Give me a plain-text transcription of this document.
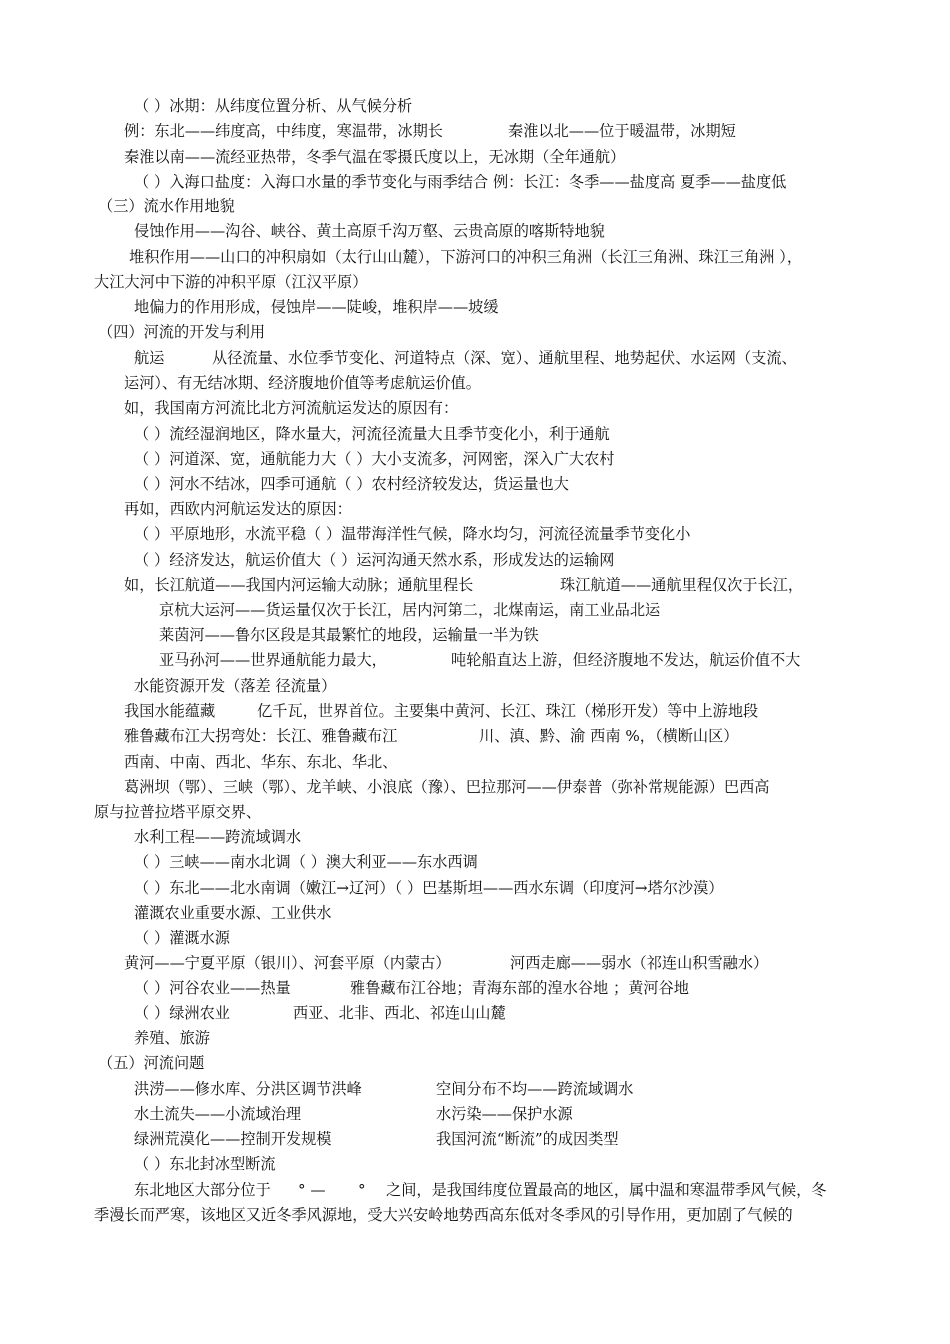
（ ）冰期：从纬度位置分析、从气候分析
例：东北——纬度高，中纬度，寒温带，冰期长	秦淮以北——位于暖温带，冰期短
秦淮以南——流经亚热带，冬季气温在零摄氏度以上，无冰期（全年通航）
（ ）入海口盐度：入海口水量的季节变化与雨季结合 例：长江：冬季——盐度高 夏季——盐度低
（三）流水作用地貌
侵蚀作用——沟谷、峡谷、黄土高原千沟万壑、云贵高原的喀斯特地貌
堆积作用——山口的冲积扇如（太行山山麓），下游河口的冲积三角洲（长江三角洲、珠江三角洲 ），
大江大河中下游的冲积平原（江汉平原）
地偏力的作用形成，侵蚀岸——陡峻，堆积岸——坡缓
（四）河流的开发与利用
航运	从径流量、水位季节变化、河道特点（深、宽）、通航里程、地势起伏、水运网（支流、
运河）、有无结冰期、经济腹地价值等考虑航运价值。
如，我国南方河流比北方河流航运发达的原因有：
（ ）流经湿润地区，降水量大，河流径流量大且季节变化小，利于通航
（ ）河道深、宽，通航能力大（ ）大小支流多，河网密，深入广大农村
（ ）河水不结冰，四季可通航（ ）农村经济较发达，货运量也大
再如，西欧内河航运发达的原因：
（ ）平原地形，水流平稳（ ）温带海洋性气候，降水均匀，河流径流量季节变化小
（ ）经济发达，航运价值大（ ）运河沟通天然水系，形成发达的运输网
如，长江航道——我国内河运输大动脉；通航里程长	珠江航道——通航里程仅次于长江，
京杭大运河——货运量仅次于长江，居内河第二，北煤南运，南工业品北运
莱茵河——鲁尔区段是其最繁忙的地段，运输量一半为铁
亚马孙河——世界通航能力最大，	吨轮船直达上游，但经济腹地不发达，航运价值不大
水能资源开发（落差 径流量）
我国水能蕴藏	亿千瓦，世界首位。主要集中黄河、长江、珠江（梯形开发）等中上游地段
雅鲁藏布江大拐弯处：长江、雅鲁藏布江	川、滇、黔、渝 西南 %，（横断山区）
西南、中南、西北、华东、东北、华北、
葛洲坝（鄂）、三峡（鄂）、龙羊峡、小浪底（豫）、巴拉那河——伊泰普（弥补常规能源）巴西高
原与拉普拉塔平原交界、
水利工程——跨流域调水
（ ）三峡——南水北调（ ）澳大利亚——东水西调
（ ）东北——北水南调（嫩江→辽河）（ ）巴基斯坦——西水东调（印度河→塔尔沙漠）
灌溉农业重要水源、工业供水
（ ）灌溉水源
黄河——宁夏平原（银川）、河套平原（内蒙古）	河西走廊——弱水（祁连山积雪融水）
（ ）河谷农业——热量	雅鲁藏布江谷地；青海东部的湟水谷地 ；黄河谷地
（ ）绿洲农业	西亚、北非、西北、祁连山山麓
养殖、旅游
（五）河流问题
洪涝——修水库、分洪区调节洪峰	空间分布不均——跨流域调水
水土流失——小流域治理	水污染——保护水源
绿洲荒漠化——控制开发规模	我国河流“断流”的成因类型
（ ）东北封冰型断流
东北地区大部分位于 ° — ° 之间，是我国纬度位置最高的地区，属中温和寒温带季风气候，冬
季漫长而严寒，该地区又近冬季风源地，受大兴安岭地势西高东低对冬季风的引导作用，更加剧了气候的
